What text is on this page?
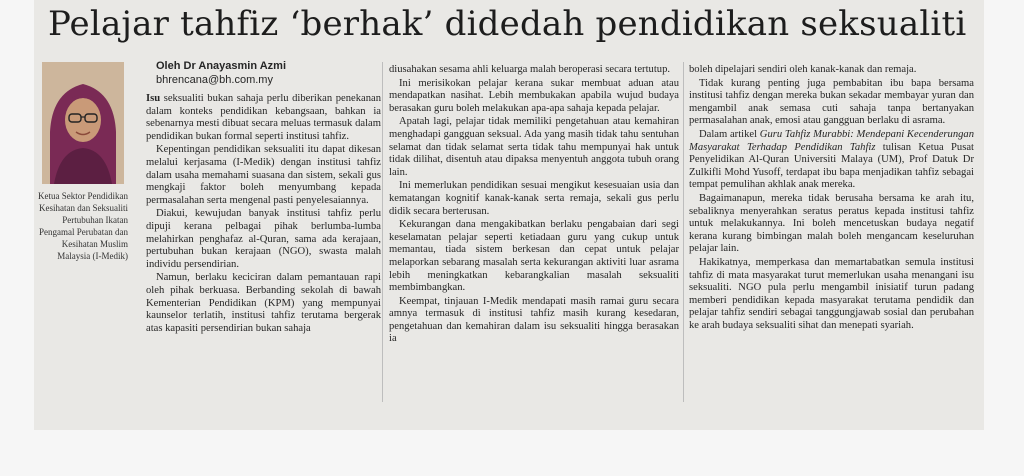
Pelajar tahfiz ‘berhak’ didedah pendidikan seksualiti

Ketua Sektor Pendidikan Kesihatan dan Seksualiti Pertubuhan Ikatan Pengamal Perubatan dan Kesihatan Muslim Malaysia (I-Medik)

Oleh Dr Anayasmin Azmi

bhrencana@bh.com.my

Isu seksualiti bukan sahaja perlu diberikan penekanan dalam konteks pendidikan kebangsaan, bahkan ia sebenarnya mesti dibuat secara meluas termasuk dalam pendidikan bukan formal seperti institusi tahfiz.

Kepentingan pendidikan seksualiti itu dapat dikesan melalui kerjasama (I-Medik) dengan institusi tahfiz dalam usaha memahami suasana dan sistem, sekali gus mengkaji faktor boleh menyumbang kepada permasalahan serta mengenal pasti penyelesaiannya.

Diakui, kewujudan banyak institusi tahfiz perlu dipuji kerana pelbagai pihak berlumba-lumba melahirkan penghafaz al-Quran, sama ada kerajaan, pertubuhan bukan kerajaan (NGO), swasta malah individu persendirian.

Namun, berlaku keciciran dalam pemantauan rapi oleh pihak berkuasa. Berbanding sekolah di bawah Kementerian Pendidikan (KPM) yang mempunyai kaunselor terlatih, institusi tahfiz terutama bergerak atas kapasiti persendirian bukan sahaja

diusahakan sesama ahli keluarga malah beroperasi secara tertutup.

Ini merisikokan pelajar kerana sukar membuat aduan atau mendapatkan nasihat. Lebih membukakan apabila wujud budaya berasakan guru boleh melakukan apa-apa sahaja kepada pelajar.

Apatah lagi, pelajar tidak memiliki pengetahuan atau kemahiran menghadapi gangguan seksual. Ada yang masih tidak tahu sentuhan selamat dan tidak selamat serta tidak tahu mempunyai hak untuk tidak dilihat, disentuh atau dipaksa menyentuh anggota tubuh orang lain.

Ini memerlukan pendidikan sesuai mengikut kesesuaian usia dan kematangan kognitif kanak-kanak serta remaja, sekali gus perlu didik secara berterusan.

Kekurangan dana mengakibatkan berlaku pengabaian dari segi keselamatan pelajar seperti ketiadaan guru yang cukup untuk memantau, tiada sistem berkesan dan cepat untuk pelajar melaporkan sebarang masalah serta kekurangan aktiviti luar asrama lebih meningkatkan kebarangkalian masalah seksualiti membimbangkan.

Keempat, tinjauan I-Medik mendapati masih ramai guru secara amnya termasuk di institusi tahfiz masih kurang kesedaran, pengetahuan dan kemahiran dalam isu seksualiti hingga berasakan ia

boleh dipelajari sendiri oleh kanak-kanak dan remaja.

Tidak kurang penting juga pembabitan ibu bapa bersama institusi tahfiz dengan mereka bukan sekadar membayar yuran dan mengambil anak semasa cuti sahaja tanpa bertanyakan permasalahan anak, emosi atau gangguan berlaku di asrama.

Dalam artikel Guru Tahfiz Murabbi: Mendepani Kecenderungan Masyarakat Terhadap Pendidikan Tahfiz tulisan Ketua Pusat Penyelidikan Al-Quran Universiti Malaya (UM), Prof Datuk Dr Zulkifli Mohd Yusoff, terdapat ibu bapa menjadikan tahfiz sebagai tempat pemulihan akhlak anak mereka.

Bagaimanapun, mereka tidak berusaha bersama ke arah itu, sebaliknya menyerahkan seratus peratus kepada institusi tahfiz untuk melakukannya. Ini boleh mencetuskan budaya negatif kerana kurang bimbingan malah boleh mengancam keseluruhan pelajar lain.

Hakikatnya, memperkasa dan memartabatkan semula institusi tahfiz di mata masyarakat turut memerlukan usaha menangani isu seksualiti. NGO pula perlu mengambil inisiatif turun padang memberi pendidikan kepada masyarakat terutama pendidik dan pelajar tahfiz sendiri sebagai tanggungjawab sosial dan perubahan ke arah budaya seksualiti sihat dan menepati syariah.
